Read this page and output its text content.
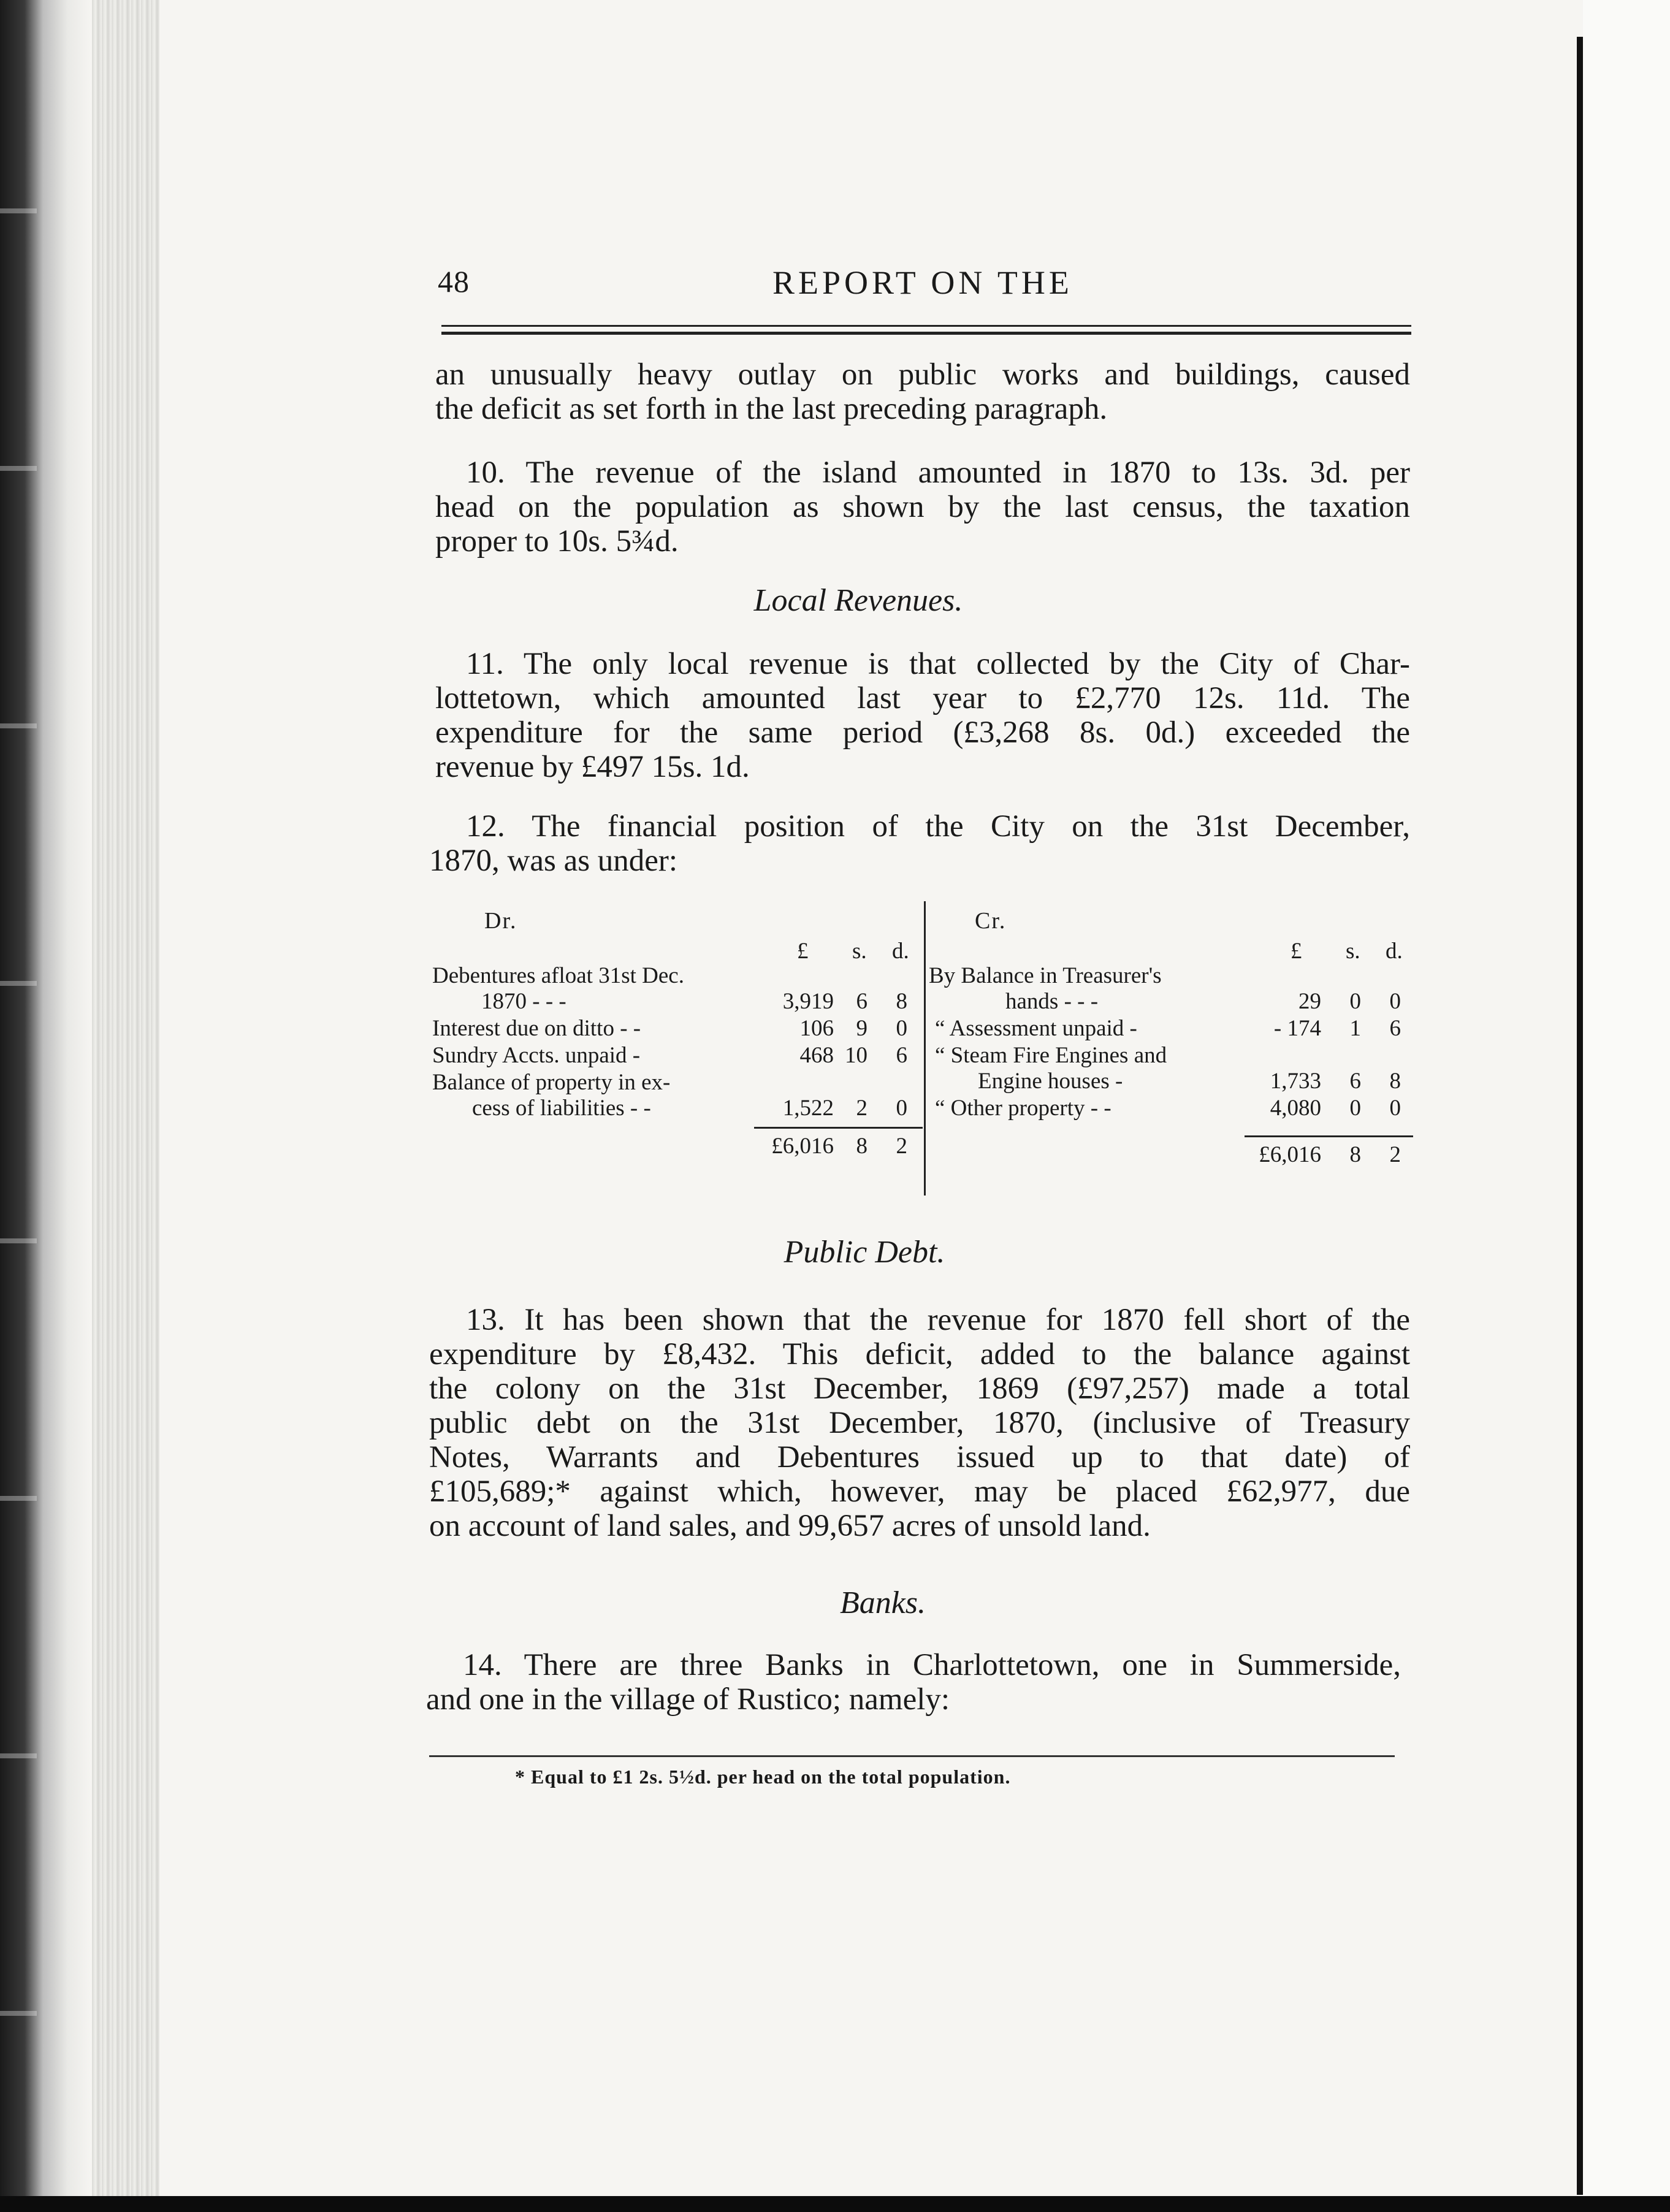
48	REPORT ON THE
an unusually heavy outlay on public works and buildings, caused
the deficit as set forth in the last preceding paragraph.
10. The revenue of the island amounted in 1870 to 13s. 3d. per
head on the population as shown by the last census, the taxation
proper to 10s. 5¾d.
Local Revenues.
11. The only local revenue is that collected by the City of Char-
lottetown, which amounted last year to £2,770 12s. 11d. The
expenditure for the same period (£3,268 8s. 0d.) exceeded the
revenue by £497 15s. 1d.
12. The financial position of the City on the 31st December,
1870, was as under:
Dr.
£ s. d.
Debentures afloat 31st Dec.
1870 - - -	3,919 6	8
Interest due on ditto - -	106 9	0
Sundry Accts. unpaid -	468 10	6
Balance of property in ex-
cess of liabilities - -	1,522 2	0
£6,016 8	2
Cr.
£ s. d.
By Balance in Treasurer's
hands - - -	29	0	0
“ Assessment unpaid -	- 174	1	6
“ Steam Fire Engines and
Engine houses -	1,733	6	8
“ Other property - -	4,080	0	0
£6,016	8	2
Public Debt.
13. It has been shown that the revenue for 1870 fell short of the
expenditure by £8,432. This deficit, added to the balance against
the colony on the 31st December, 1869 (£97,257) made a total
public debt on the 31st December, 1870, (inclusive of Treasury
Notes, Warrants and Debentures issued up to that date) of
£105,689;* against which, however, may be placed £62,977, due
on account of land sales, and 99,657 acres of unsold land.
Banks.
14. There are three Banks in Charlottetown, one in Summerside,
and one in the village of Rustico; namely:
* Equal to £1 2s. 5½d. per head on the total population.
